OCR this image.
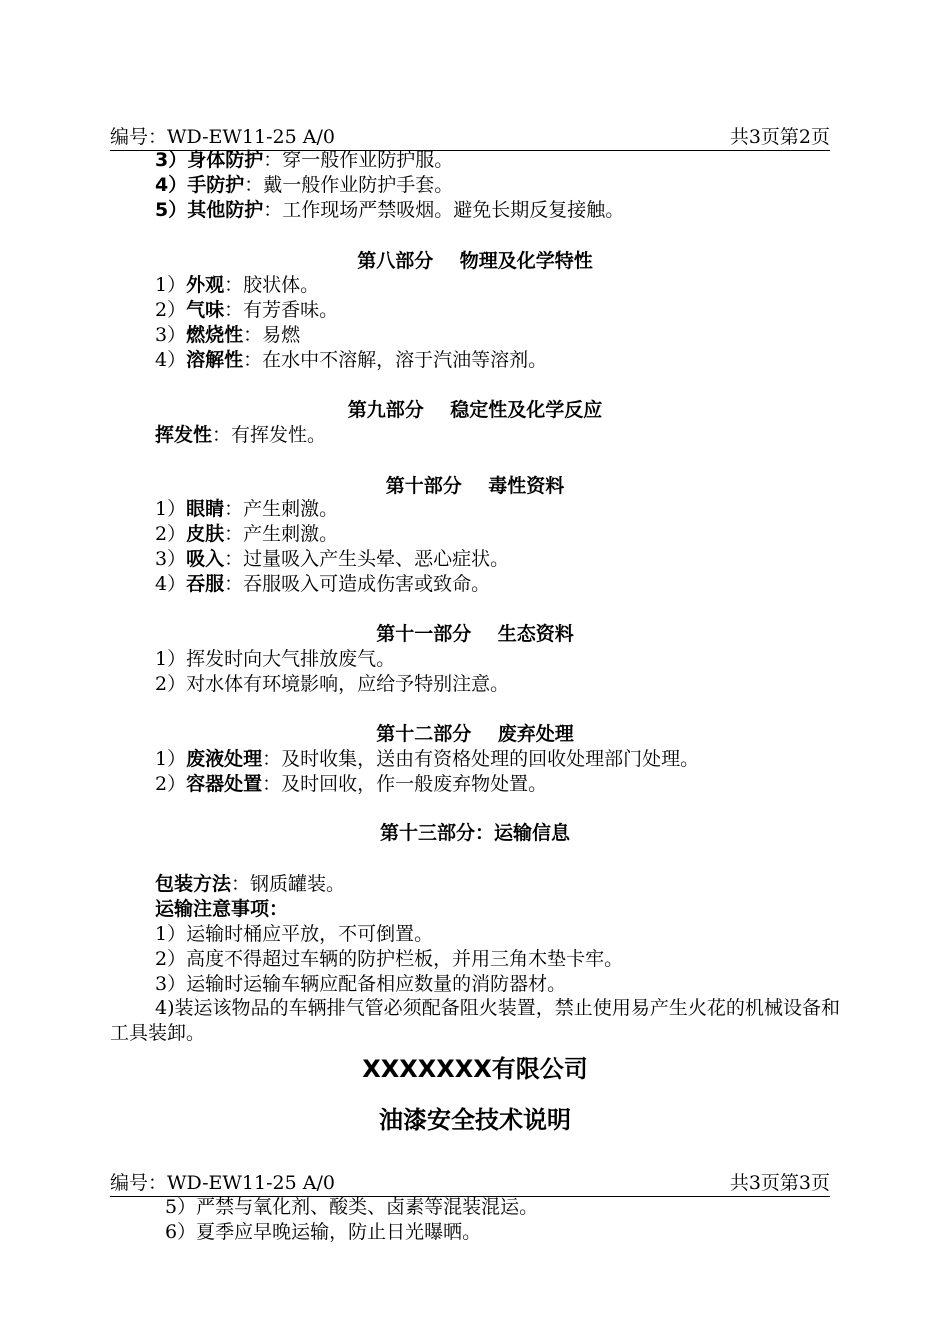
编号：WD-EW11-25 A/0	共3页第2页
3）身体防护：穿一般作业防护服。
4）手防护：戴一般作业防护手套。
5）其他防护：工作现场严禁吸烟。避免长期反复接触。
第八部分    物理及化学特性
1）外观：胶状体。
2）气味：有芳香味。
3）燃烧性：易燃
4）溶解性：在水中不溶解，溶于汽油等溶剂。
第九部分    稳定性及化学反应
挥发性：有挥发性。
第十部分    毒性资料
1）眼睛：产生刺激。
2）皮肤：产生刺激。
3）吸入：过量吸入产生头晕、恶心症状。
4）吞服：吞服吸入可造成伤害或致命。
第十一部分    生态资料
1）挥发时向大气排放废气。
2）对水体有环境影响，应给予特别注意。
第十二部分    废弃处理
1）废液处理：及时收集，送由有资格处理的回收处理部门处理。
2）容器处置：及时回收，作一般废弃物处置。
第十三部分：运输信息
包装方法：钢质罐装。
运输注意事项：
1）运输时桶应平放，不可倒置。
2）高度不得超过车辆的防护栏板，并用三角木垫卡牢。
3）运输时运输车辆应配备相应数量的消防器材。
4)装运该物品的车辆排气管必须配备阻火装置，禁止使用易产生火花的机械设备和工具装卸。
XXXXXXX有限公司
油漆安全技术说明
编号：WD-EW11-25 A/0	共3页第3页
5）严禁与氧化剂、酸类、卤素等混装混运。
6）夏季应早晚运输，防止日光曝晒。
